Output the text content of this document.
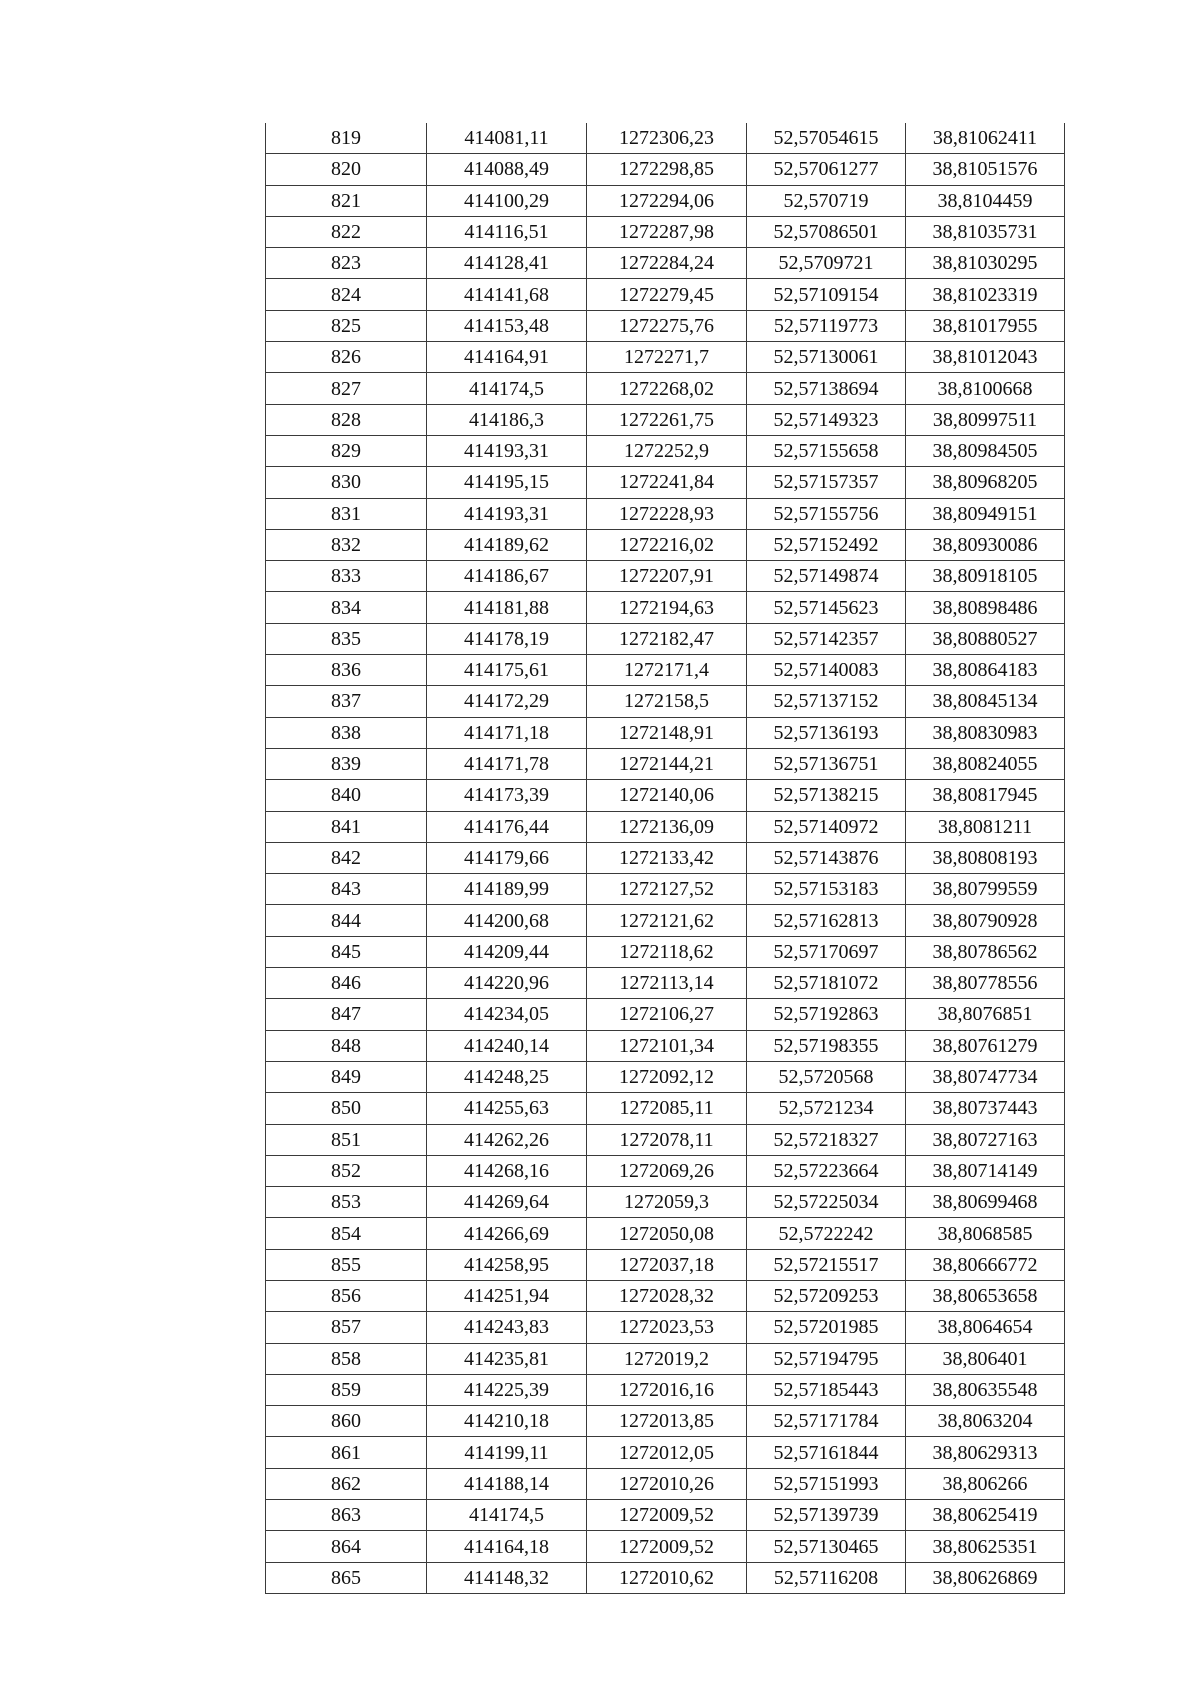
819	414081,11	1272306,23	52,57054615	38,81062411
820	414088,49	1272298,85	52,57061277	38,81051576
821	414100,29	1272294,06	52,570719	38,8104459
822	414116,51	1272287,98	52,57086501	38,81035731
823	414128,41	1272284,24	52,5709721	38,81030295
824	414141,68	1272279,45	52,57109154	38,81023319
825	414153,48	1272275,76	52,57119773	38,81017955
826	414164,91	1272271,7	52,57130061	38,81012043
827	414174,5	1272268,02	52,57138694	38,8100668
828	414186,3	1272261,75	52,57149323	38,80997511
829	414193,31	1272252,9	52,57155658	38,80984505
830	414195,15	1272241,84	52,57157357	38,80968205
831	414193,31	1272228,93	52,57155756	38,80949151
832	414189,62	1272216,02	52,57152492	38,80930086
833	414186,67	1272207,91	52,57149874	38,80918105
834	414181,88	1272194,63	52,57145623	38,80898486
835	414178,19	1272182,47	52,57142357	38,80880527
836	414175,61	1272171,4	52,57140083	38,80864183
837	414172,29	1272158,5	52,57137152	38,80845134
838	414171,18	1272148,91	52,57136193	38,80830983
839	414171,78	1272144,21	52,57136751	38,80824055
840	414173,39	1272140,06	52,57138215	38,80817945
841	414176,44	1272136,09	52,57140972	38,8081211
842	414179,66	1272133,42	52,57143876	38,80808193
843	414189,99	1272127,52	52,57153183	38,80799559
844	414200,68	1272121,62	52,57162813	38,80790928
845	414209,44	1272118,62	52,57170697	38,80786562
846	414220,96	1272113,14	52,57181072	38,80778556
847	414234,05	1272106,27	52,57192863	38,8076851
848	414240,14	1272101,34	52,57198355	38,80761279
849	414248,25	1272092,12	52,5720568	38,80747734
850	414255,63	1272085,11	52,5721234	38,80737443
851	414262,26	1272078,11	52,57218327	38,80727163
852	414268,16	1272069,26	52,57223664	38,80714149
853	414269,64	1272059,3	52,57225034	38,80699468
854	414266,69	1272050,08	52,5722242	38,8068585
855	414258,95	1272037,18	52,57215517	38,80666772
856	414251,94	1272028,32	52,57209253	38,80653658
857	414243,83	1272023,53	52,57201985	38,8064654
858	414235,81	1272019,2	52,57194795	38,806401
859	414225,39	1272016,16	52,57185443	38,80635548
860	414210,18	1272013,85	52,57171784	38,8063204
861	414199,11	1272012,05	52,57161844	38,80629313
862	414188,14	1272010,26	52,57151993	38,806266
863	414174,5	1272009,52	52,57139739	38,80625419
864	414164,18	1272009,52	52,57130465	38,80625351
865	414148,32	1272010,62	52,57116208	38,80626869
